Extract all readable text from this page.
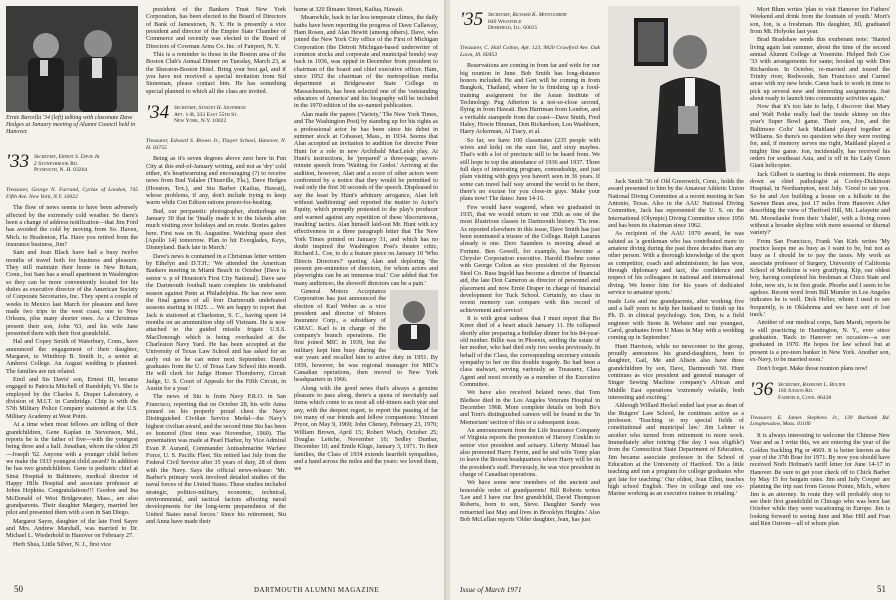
Ernie Barcella '34 (left) talking with classmate Dave Hedges at January meeting of Alumni Council held in Hanover.
'33 Secretary, Ernest S. Davis Jr.
2 Stoneybrook Rd.
Plymouth, N. H. 03264
Treasurer, George N. Farrand, Cyclax of London, 745 Fifth Ave. New York, N.Y. 10022

The flow of news seems to have been adversely affected by the extremely cold weather. So there's been a change of address notification—that Jim Ford has avoided the cold by moving from So. Haven, Mich. to Bradenton, Fla. Have you retired from the insurance business, Jim?

Sam and Jean Black have had a busy twelve months of travel both for business and pleasure. They still maintain their home in New Britain, Conn., but Sam has a small apartment in Washington so they can be more conveniently located for his duties as executive director of the American Society of Corporate Secretaries, Inc. They spent a couple of weeks in Mexico last March for pleasure and have made two trips to the west coast, one to New Orleans, plus many shorter ones. As a Christmas present their son, John '63, and his wife Jane presented them with their first grandchild.

Hal and Copey Smith of Waterbury, Conn., have announced the engagement of their daughter, Margaret, to Winthrop B. Smith Jr., a senior at Amherst College. An August wedding is planned. The families are not related.

Emil and Sis Davis' son, Ernest III, became engaged to Patricia Mitchell of Randolph, Vt. She is employed by the Charles S. Draper Laboratory, a division of M.I.T. in Cambridge. Chip is with the 57th Military Police Company stationed at the U.S. Military Academy at West Point.

At a time when most fellows are telling of their grandchildren, Gene Kaplan in Stevenson, Md., reports he is the father of five—with the youngest being three and a half. Jonathan, whom the oldest 29—Joseph '62. Anyone with a younger child before we make the 1933 youngest child award? In addition he has two grandchildren. Gene is pediatric chief at Sinai Hospital in Baltimore, medical director of Happy Hills Hospital and associate professor at Johns Hopkins. Congratulations!!! Gordon and Ina McDonald of West Bridgewater, Mass., are also grandparents. Their daughter Margery, married her pilot and presented them with a son in San Diego.

Margaret Sayre, daughter of the late Ford Sayre and Mrs. Andrew Marshall, was married to Dr. Michael L. Wiederhold in Hanover on February 27.

Herb Shea, Little Silver, N. J., first vice

president of the Bankers Trust New York Corporation, has been elected to the Board of Directors of Bank of Jamestown, N. Y. He is presently a vice president and director of the Empire State Chamber of Commerce and recently was elected to the Board of Directors of Cowman Arms Co. Inc. of Fairport, N. Y.

This is a reminder to those in the Boston area of the Boston Club's Annual Dinner on Tuesday, March 23, at the Sheraton-Boston Hotel. Bring your best gal, and if you have not received a special invitation from Sid Stoneman, please contact him. He has something special planned to which all the class are invited.

'34 Secretary, Stanley H. Silverman
Apt. 1-B, 333 East 55th St.
New York, N.Y. 10022
Treasurer, Edward S. Brown Jr., Thayer School, Hanover, N. H. 03755

Being as it's seven degrees above zero here in Fun City at this end-of-January writing, and not as 'dry' cold either, it's heartwarming and encouraging (?) to receive news from Bud Yalalee (Titusville, Fla.), Dave Hedges (Houston, Tex.), and Stu Barber (Kailua, Hawaii), whose problems, if any, don't include trying to keep warm while Con Edison rations power-for-heating.

Bud, our peripatetic photographer, shutterbugs on January 30 that he 'finally made it to the Islands after much visiting over holidays and en route. Stories galore here. First was on St. Augustine. Watching space shot [Apollo 14] tomorrow. Plan to hit Everglades, Keys, Disneyland. Back late in March.'

Dave's news is contained in a Christmas letter written by Ethelyn and D.T.H.: 'We attended the American Bankers meeting in Miami Beach in October [Dave is senior v. p of Houston's First City National]. Dave saw the Dartmouth football team complete its undefeated season against Penn at Philadelphia. He has now seen the final games of all four Dartmouth undefeated seasons starting in 1925. ... We are happy to report that Jack is stationed at Charleston, S. C., having spent 14 months on an ammunition ship off Vietnam. He is now attached to the guided missile frigate U.S.S. MacDonough which is being overhauled at the Charleston Navy Yard. He has been accepted at the University of Texas Law School and has asked for an early out so he can enter next September. David graduates from the U. of Texas Law School this month. He will clerk for Judge Homer Thornberry, Circuit Judge, U. S. Court of Appeals for the Fifth Circuit, in Austin for a year.'

The news of Stu is from Navy P.R.O. in San Francisco, reporting that on October 28, his wife Anna pinned on his properly proud chest the Navy Distinguished Civilian Service Medal—the Navy's highest civilian award, and the second time Stu has been so honored (first time was November, 1960). The presentation was made at Pearl Harbor, by Vice Admiral Evan P. Aurand, Commander Antisubmarine Warfare Force, U. S. Pacific Fleet. Stu retired last July from the Federal Civil Service after 35 years of duty, 28 of them with the Navy. Says the official news-release: 'Mr. Barber's primary work involved detailed studies of the naval forces of the United States. These studies included strategic, politico-military, economic, technical, environmental, and tactical factors affecting naval developments for the long-term preparedness of the United States naval forces.' Since his retirement, Stu and Anna have made their

home at 320 Ilimano Street, Kailua, Hawaii.

Meanwhile, back in far less temperate climes, the daily baths have been reporting the progress of Dave Callaway, Ham Rosen, and Alan Hewitt (among others). Dave, who joined the New York City office of the First of Michigan Corporation (the Detroit Michigan-based underwriter of common stocks and corporate and municipal bonds) way back in 1936, was upped in December from president to chairman of the board and chief executive officer. Ham, since 1952 the chairman of the metropolitan media department at Bridgewater State College in Massachusetts, has been selected one of the 'outstanding educators of America' and his biography will be included in the 1970 edition of the so-named publication.

Alan made the papers ('Variety,' The New York Times, and The Washington Post) by standing up for his rights as a professional actor he has been since his debut in summer stock at Cohasset, Mass., in 1934. Seems that Alan accepted an invitation to audition for director Peter Hunt for a role in new Archibald MacLeish play. At Hunt's instructions, he 'prepared' a three-page, seven-minute speech from 'Waiting for Godot.' Arriving at the audition, however, Alan and a score of other actors were confronted by a notice that they would be permitted to read only the first 30 seconds of the speech. Displeased to say the least by Hunt's arbitrary arrogance, Alan left without 'auditioning' and reported the matter to Actor's Equity, which promptly protested to the play's producer and warned against any repetition of these 'discourteous, insulting' tactics. Alan himself laid-out Mr. Hunt with icy effectiveness in a three paragraph letter that The New York Times printed on January 31, and which has no doubt inspired the Washington Post's theatre critic, Richard L. Coe, to do a feature piece on January 10 'Who Directs Directors?' quoting Alan and deploring 'the present pre-eminence of directors, for whom actors and playwrights can be an immense trial.' Coe added that 'for many audiences, the showoff directors can be a pain.'

General Motors Acceptance Corporation has just announced the election of Karl Weber as a vice president and director of Motors Insurance Corp., a subsidiary of GMAC. Karl is in charge of the company's branch operations. He first joined MIC in 1939, but the military kept him busy during the war years and recalled him to active duty in 1951. By 1959, however, he was regional manager for MIC's Canadian operations, then moved to New York headquarters in 1966.

Along with the good news that's always a genuine pleasure to pass along, there's a quota of inevitably sad items which come to us most all old-timers each year and any, with the deepest regret, to report the passing of far too many of our friends and fellow companions: Vincent Pryor, on May 9, 1969; John Cheney, February 23, 1970; William Brown, April 15; Robert Wisch, October 25; Douglas Leitche, November 16; Sedley Dunbar, December 10; and Emile Kluge, January 3, 1971. To their families, the Class of 1934 extends heartfelt sympathies, and a hand across the miles and the years: we loved them, we

50	DARTMOUTH ALUMNI MAGAZINE
'35 Secretary, Richard K. Montgomery
840 Westfield
Deerfield, Ill. 60015
Treasurer, C. Hall Colton, Apt. 123, 9820 Crawford Ave. Oak Lawn, Ill. 60453

Reservations are coming in from far and wide for our big reunion in June. Bob Smith has long-distance honors included. He and Gert will be coming in from Bangkok, Thailand, where he is finishing up a food-training assignment for the Asian Institute of Technology. Pug Atherton is a not-so-close second, flying in from Hawaii. Ben Harriman from London, and a veritable stampede from the coast—Dave Smith, Fred Haley, Howie Hinman, Don Richardson, Lou Washburn, Harry Ackerman, Al Tracy, et al.

So far, we have 100 classmates (235 people with wives and kids) on the sure list, and sixty maybes. That's with a lot of precincts still to be heard from. We still hope to top the attendance of 1936 and 1937. Three full days of interesting program, comradeship, and just plain visiting with guys you haven't seen in 36 years. If some can travel half way around the world to be there, there's no excuse for you close-in guys. Make your plans now! The dates: June 14-16.

Few would have wagered, when we graduated in 1935, that we would return to our 35th as one of the most illustrious classes in Dartmouth history. 'Tis true. As reported elsewhere in this issue, Dave Smith has just been nominated a trustee of the College. Ralph Lazarus already is one. Dero Saunders is moving ahead at Fortune. Ben Gowell, for example, has become a Chrysler Corporation executive. Harold Hoehne come with George Colton as vice president of the Ryerson Steel Co. Russ Ingold has become a director of financial aid, the late Don Cameron as director of personnel and placement and now Ernie Draper in charge of financial development for Tuck School. Certainly, no class in recent memory can compare with this record of achievement and service!

It is with great sadness that I must report that Bo Kreer died of a heart attack January 11. He collapsed shortly after preparing a birthday dinner for his 84-year-old mother. Billie was in Phoenix, settling the estate of her mother, who had died only two weeks previously. In behalf of the Class, the corresponding secretary extends sympathy to her on this double tragedy. Bo had been a class stalwart, serving variously as Treasurer, Class Agent and most recently as a member of the Executive Committee.

We have also received belated news that Tom Bledsoe died in the Los Angeles Veterans Hospital in December 1968. More complete details on both Bo's and Tom's distinguished careers will be found in the 'In Memoriam' section of this or a subsequent issue.

An announcement from the Life Insurance Company of Virginia reports the promotion of Harvey Conklin to senior vice president and actuary. Liberty Mutual has also promoted Harry Ferrin, and he and wife Tomy plan to leave the Boston headquarters where Harry will be on the president's staff. Previously, he was vice president in charge of Canadian operations.

We have some new members of the ancient and honorable order of grandparents! Bill Roberts writes 'Lee and I have our first grandchild, David Thompson Roberts, born to son, Steve. Daughter Sandy was remarried last May and lives in Brooklyn Heights.' Also Bob McLellan reports 'Older daughter, Jean, has just

Jack Smith '36 of Old Greenwich, Conn., holds the award presented to him by the Amateur Athletic Union National Diving Committee at a recent meeting in San Antonio, Texas. Also in the AAU National Diving Committee, Jack has represented the U. S. on the International (Olympic) Diving Committee since 1956 and has been its chairman since 1962.

As recipient of the AAU 1970 award, he was saluted as 'a gentleman who has contributed more to amateur diving during the past three decades than any other person. With a thorough knowledge of the sport as competitor, coach and administrator, he has won, through diplomacy and tact, the confidence and respect of his colleagues in national and international diving. We honor him for his years of dedicated service to amateur sports.'

made Lois and me grandparents, after working five and a half years to help her husband to finish up his Ph. D. in clinical psychology. Son, Don, is a field engineer with Stone & Webster and our youngest, Carol, graduates from U Mass in May with a wedding coming up in September.'

Hunt Harrison, while no newcomer to the group, proudly announces his grand-daughters, born to daughter, Gail, Me and Alison also have three grandchildren by son, Dave, Dartmouth '60. Hunt continues as vice president and general manager of Singer Sewing Machine company's African and Middle East operations 'extremely volatile, both interesting and exciting.'

Although Willard Heckel ended last year as dean of the Rutgers' Law School, he continues active as a professor. 'Teaching in my special fields of constitutional and municipal law.' Jim Lehner is another who turned from retirement to more work. Immediately after retiring ('the day I was eligible') from the Connecticut State Department of Education, Jim became associate professor in the School of Education at the University of Hartford. 'Do a little teaching and run a program for college graduates who got late for teaching.' Our oldest, Jean Ellen, teaches high school English. Two in college and one ex-Marine working as an executive trainee in retailing.'

Mort Blum writes 'plan to visit Hanover for Fathers' Weekend and drink from the fountain of youth.' Mort's son, Jon, is a freshman. His daughter, Jill, graduated from Mt. Holyoke last year.

Brad Bradshaw sends this exuberant note: 'Started living again last summer, about the time of the second annual Alumni College at Yosemite. Helped Bob Coe '33 with arrangements for same; hooked up with Don Richardson. In October, re-married and toured the Trinity river, Redwoods, San Francisco and Carmel areas with my new bride. Came back to work in time to pick up several new and interesting assignments. Just about ready to launch into community activities again.'

Now that it's too late to help, I discover that Mary and Walt Petke really had the inside skinny on this year's Super Bowl game. Their son, Jon, and the Baltimore Colts' Jack Maitland played together at Williams. So there's no question who they were rooting for, and, if memory serves me right, Maitland played a mighty fine game. Jon, incidentally, has received his orders for southeast Asia, and is off in his Lady Green Giant helicopter.

Jack Gilbert is starting to think retirement. He steps down as chief pathologist at Cooley-Dickinson Hospital, in Northampton, next July. 'Good to see you. So he and Are building a house on a hillside in the Sawnee Bean area, just 17 miles from Hanover. After describing the view of Thetford Hill, Mt. Lafayette and Mt. Moosilauke from their 'chalet', with a living room without a broader skyline with more seasonal or diurnal variety?'

From San Francisco, Frank Van Kirk writes 'My practice keeps me as busy as I want to be, but not as busy as I should be to pay the taxes. My work as associate professor of Surgery, University of California School of Medicine is very gratifying. Kip, our oldest boy, having completed his freshman at Chico State and John, now six, is in first grade. Phoebe and I seem to be ageless. Recent word from Bill Mumler in Los Angeles indicates he is well. Dick Heller, whom I used to see frequently, is in Oklahoma and we have sort of lost track.'

Another of our medical corps, Sam Marsh, reports he is still practicing in Huntington, N. Y., ever since graduation. 'Back to Hanover on occasion—a son graduated in 1970. He hopes for law school but at present is a pre-teen banker in New York. Another son, ex-Navy, to be married soon.'

Don't forget. Make those reunion plans now!

'36 Secretary, Raymond L. Bulter
160 Judson Rd.
Fairfield, Conn. 06430
Treasurer, E. James Stephens Jr., 139 Burbank Rd. Longmeadow, Mass. 01106

It is always interesting to welcome the Chinese New Year and as I write this, we are entering the year of the Golden Suckling Pig or 4669. It is better known as the year of the 37th Boar for 1971. By now you should have received Norb Hofman's tariff letter for June 14-17 in Hanover. Be sure to get your check off to Chick Barber by May 15 for bargain rates. Jim and Judy Cooper are planning the trip east from Grosse Pointe, Mich., where Jim is an attorney. In route they will probably stop to see their first grandchild in Chicago who was born last October while they were vacationing in Europe. Jim is looking forward to seeing June and Mac Hill and Fran and Ren Ostrom—all of whom plan

Issue of March 1971	51
